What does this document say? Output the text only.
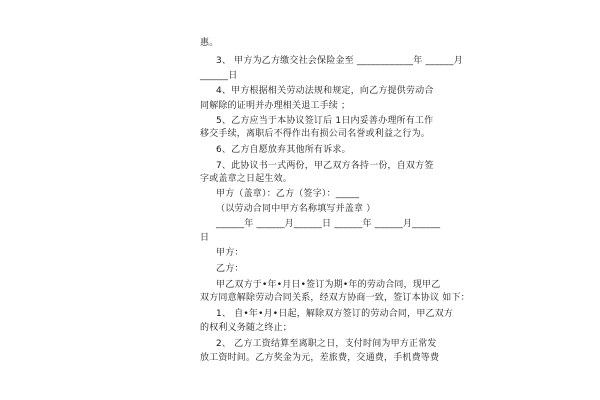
惠。
3、 甲方为乙方缴交社会保险金至 ____________年 ______月
______日
4、甲方根据相关劳动法规和规定，向乙方提供劳动合
同解除的证明并办理相关退工手续 ；
5、乙方应当于本协议签订后 1日内妥善办理所有工作
移交手续，离职后不得作出有损公司名誉或利益之行为。
6、乙方自愿放弃其他所有诉求。
7、此协议书一式两份，甲乙双方各持一份，自双方签
字或盖章之日起生效。
甲方（盖章）：乙方（签字）：_____
（以劳动合同中甲方名称填写并盖章 ）
______年 ______月______日 ______年 ______月______
日
甲方：
乙方：
甲乙双方于•年•月日•签订为期•年的劳动合同，现甲乙
双方同意解除劳动合同关系，经双方协商一致，签订本协议 如下：
1、 自•年•月•日起，解除双方签订的劳动合同，甲乙双方
的权利义务随之终止；
2、 乙方工资结算至离职之日，支付时间为甲方正常发
放工资时间。乙方奖金为元，差旅费，交通费，手机费等费
